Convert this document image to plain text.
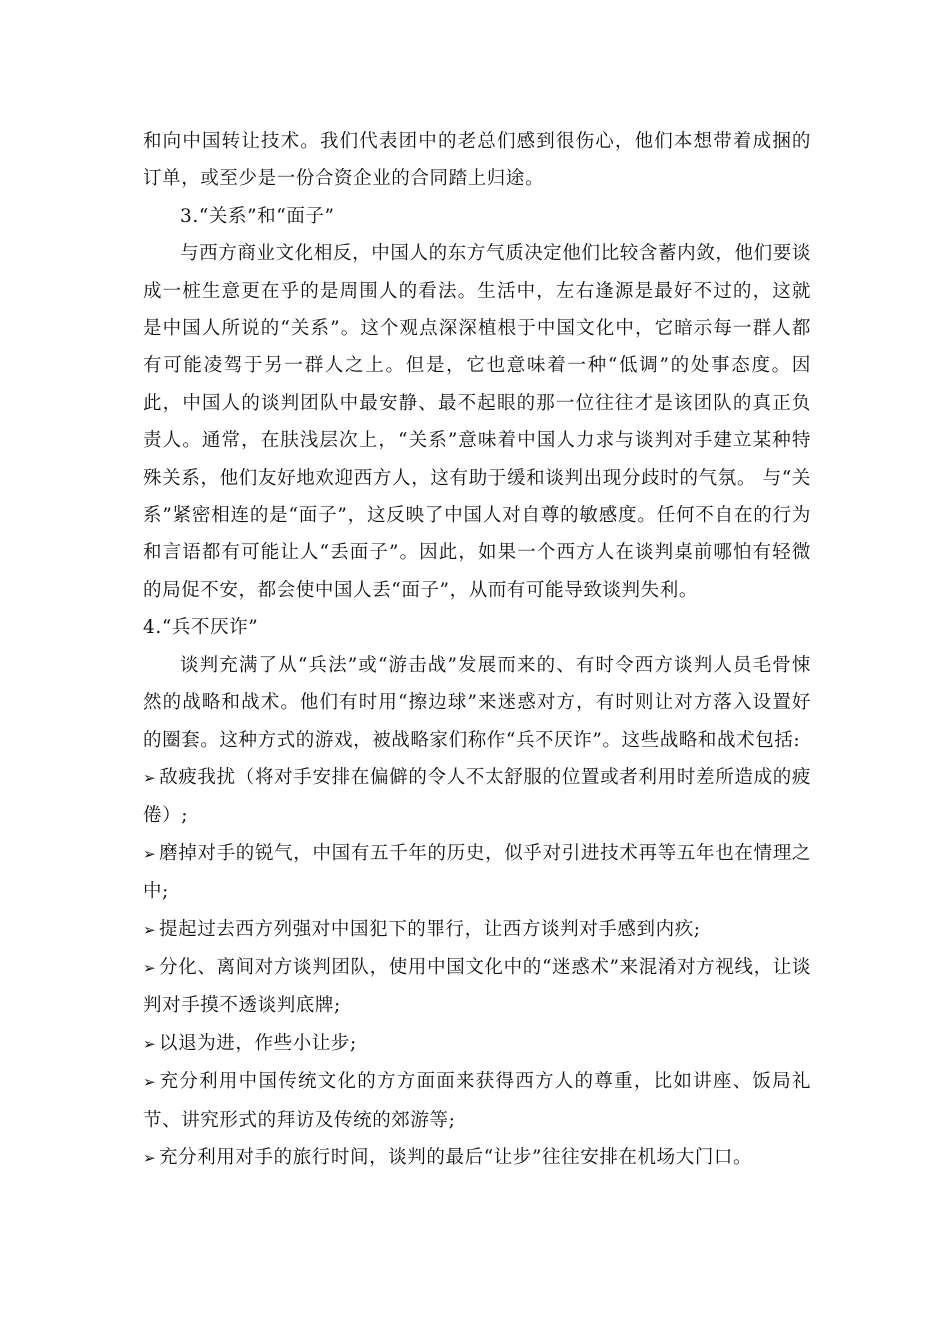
和向中国转让技术。我们代表团中的老总们感到很伤心，他们本想带着成捆的订单，或至少是一份合资企业的合同踏上归途。

3.“关系”和“面子”

与西方商业文化相反，中国人的东方气质决定他们比较含蓄内敛，他们要谈成一桩生意更在乎的是周围人的看法。生活中，左右逢源是最好不过的，这就是中国人所说的“关系”。这个观点深深植根于中国文化中，它暗示每一群人都有可能凌驾于另一群人之上。但是，它也意味着一种“低调”的处事态度。因此，中国人的谈判团队中最安静、最不起眼的那一位往往才是该团队的真正负责人。通常，在肤浅层次上，“关系”意味着中国人力求与谈判对手建立某种特殊关系，他们友好地欢迎西方人，这有助于缓和谈判出现分歧时的气氛。 与“关系”紧密相连的是“面子”，这反映了中国人对自尊的敏感度。任何不自在的行为和言语都有可能让人“丢面子”。因此，如果一个西方人在谈判桌前哪怕有轻微的局促不安，都会使中国人丢“面子”，从而有可能导致谈判失利。

4.“兵不厌诈”

谈判充满了从“兵法”或“游击战”发展而来的、有时令西方谈判人员毛骨悚然的战略和战术。他们有时用“擦边球”来迷惑对方，有时则让对方落入设置好的圈套。这种方式的游戏，被战略家们称作“兵不厌诈”。这些战略和战术包括:

➢ 敌疲我扰（将对手安排在偏僻的令人不太舒服的位置或者利用时差所造成的疲倦）;

➢ 磨掉对手的锐气，中国有五千年的历史，似乎对引进技术再等五年也在情理之中;

➢ 提起过去西方列强对中国犯下的罪行，让西方谈判对手感到内疚;

➢ 分化、离间对方谈判团队，使用中国文化中的“迷惑术”来混淆对方视线，让谈判对手摸不透谈判底牌;

➢ 以退为进，作些小让步;

➢ 充分利用中国传统文化的方方面面来获得西方人的尊重，比如讲座、饭局礼节、讲究形式的拜访及传统的郊游等;

➢ 充分利用对手的旅行时间，谈判的最后“让步”往往安排在机场大门口。
